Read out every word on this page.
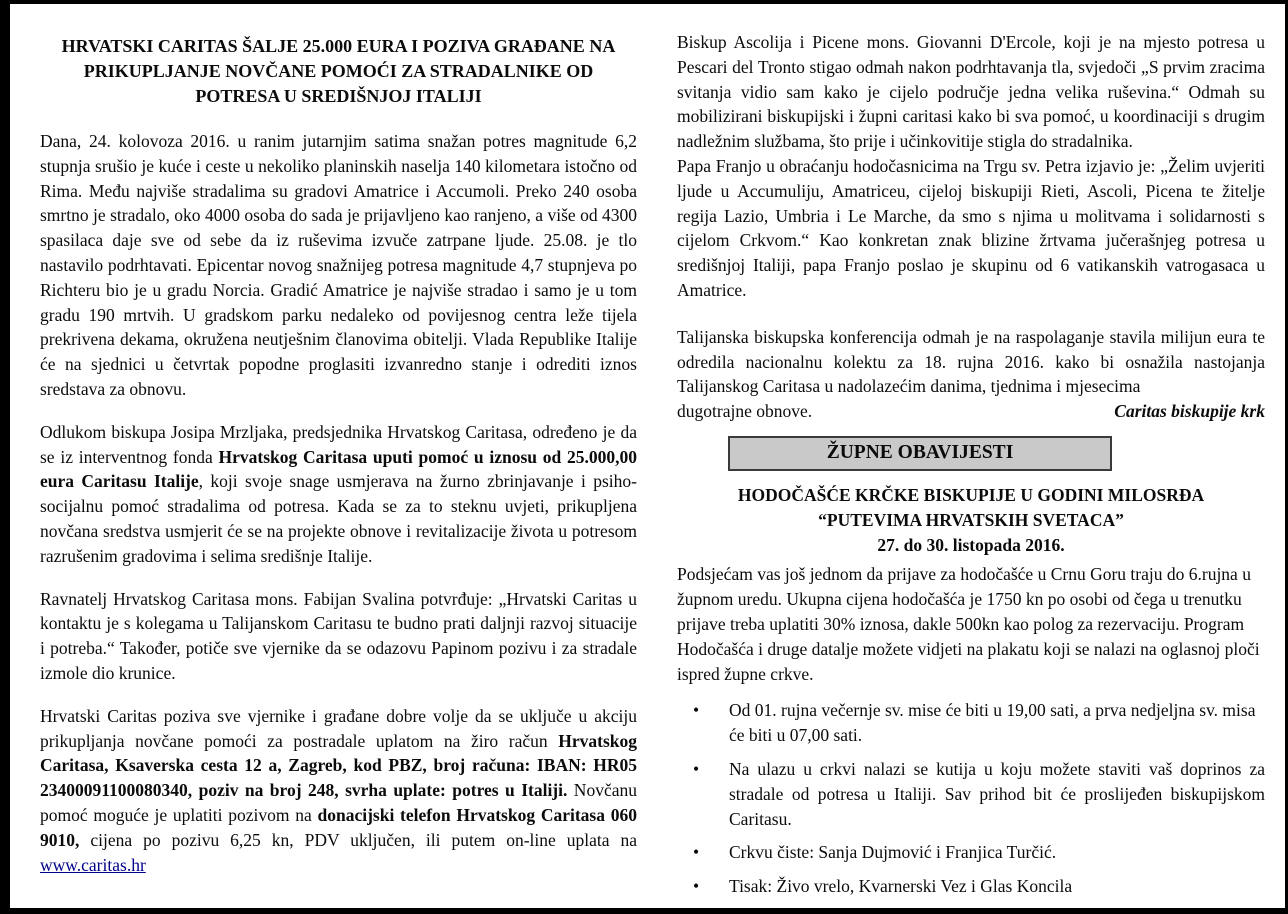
HRVATSKI CARITAS ŠALJE 25.000 EURA I POZIVA GRAĐANE NA PRIKUPLJANJE NOVČANE POMOĆI ZA STRADALNIKE OD POTRESA U SREDIŠNJOJ ITALIJI

Dana, 24. kolovoza 2016. u ranim jutarnjim satima snažan potres magnitude 6,2 stupnja srušio je kuće i ceste u nekoliko planinskih naselja 140 kilometara istočno od Rima. Među najviše stradalima su gradovi Amatrice i Accumoli. Preko 240 osoba smrtno je stradalo, oko 4000 osoba do sada je prijavljeno kao ranjeno, a više od 4300 spasilaca daje sve od sebe da iz ruševima izvuče zatrpane ljude. 25.08. je tlo nastavilo podrhtavati. Epicentar novog snažnijeg potresa magnitude 4,7 stupnjeva po Richteru bio je u gradu Norcia. Gradić Amatrice je najviše stradao i samo je u tom gradu 190 mrtvih. U gradskom parku nedaleko od povijesnog centra leže tijela prekrivena dekama, okružena neutješnim članovima obitelji. Vlada Republike Italije će na sjednici u četvrtak popodne proglasiti izvanredno stanje i odrediti iznos sredstava za obnovu.

Odlukom biskupa Josipa Mrzljaka, predsjednika Hrvatskog Caritasa, određeno je da se iz interventnog fonda Hrvatskog Caritasa uputi pomoć u iznosu od 25.000,00 eura Caritasu Italije, koji svoje snage usmjerava na žurno zbrinjavanje i psiho-socijalnu pomoć stradalima od potresa. Kada se za to steknu uvjeti, prikupljena novčana sredstva usmjerit će se na projekte obnove i revitalizacije života u potresom razrušenim gradovima i selima središnje Italije.

Ravnatelj Hrvatskog Caritasa mons. Fabijan Svalina potvrđuje: „Hrvatski Caritas u kontaktu je s kolegama u Talijanskom Caritasu te budno prati daljnji razvoj situacije i potreba.“ Također, potiče sve vjernike da se odazovu Papinom pozivu i za stradale izmole dio krunice.

Hrvatski Caritas poziva sve vjernike i građane dobre volje da se uključe u akciju prikupljanja novčane pomoći za postradale uplatom na žiro račun Hrvatskog Caritasa, Ksaverska cesta 12 a, Zagreb, kod PBZ, broj računa: IBAN: HR05 23400091100080340, poziv na broj 248, svrha uplate: potres u Italiji. Novčanu pomoć moguće je uplatiti pozivom na donacijski telefon Hrvatskog Caritasa 060 9010, cijena po pozivu 6,25 kn, PDV uključen, ili putem on-line uplata na www.caritas.hr

Biskup Ascolija i Picene mons. Giovanni D'Ercole, koji je na mjesto potresa u Pescari del Tronto stigao odmah nakon podrhtavanja tla, svjedoči „S prvim zracima svitanja vidio sam kako je cijelo područje jedna velika ruševina.“ Odmah su mobilizirani biskupijski i župni caritasi kako bi sva pomoć, u koordinaciji s drugim nadležnim službama, što prije i učinkovitije stigla do stradalnika.

Papa Franjo u obraćanju hodočasnicima na Trgu sv. Petra izjavio je: „Želim uvjeriti ljude u Accumuliju, Amatriceu, cijeloj biskupiji Rieti, Ascoli, Picena te žitelje regija Lazio, Umbria i Le Marche, da smo s njima u molitvama i solidarnosti s cijelom Crkvom.“ Kao konkretan znak blizine žrtvama jučerašnjeg potresa u središnjoj Italiji, papa Franjo poslao je skupinu od 6 vatikanskih vatrogasaca u Amatrice.

Talijanska biskupska konferencija odmah je na raspolaganje stavila milijun eura te odredila nacionalnu kolektu za 18. rujna 2016. kako bi osnažila nastojanja Talijanskog Caritasa u nadolazećim danima, tjednima i mjesecima

dugotrajne obnove.	Caritas biskupije krk
ŽUPNE OBAVIJESTI
HODOČAŠĆE KRČKE BISKUPIJE U GODINI MILOSRĐA
“PUTEVIMA HRVATSKIH SVETACA”
27. do 30. listopada 2016.

Podsjećam vas još jednom da prijave za hodočašće u Crnu Goru traju do 6.rujna u župnom uredu. Ukupna cijena hodočašća je 1750 kn po osobi od čega u trenutku prijave treba uplatiti 30% iznosa, dakle 500kn kao polog za rezervaciju. Program Hodočašća i druge datalje možete vidjeti na plakatu koji se nalazi na oglasnoj ploči ispred župne crkve.

•	Od 01. rujna večernje sv. mise će biti u 19,00 sati, a prva nedjeljna sv. misa će biti u 07,00 sati.
•	Na ulazu u crkvi nalazi se kutija u koju možete staviti vaš doprinos za stradale od potresa u Italiji. Sav prihod bit će proslijeđen biskupijskom Caritasu.
•	Crkvu čiste: Sanja Dujmović i Franjica Turčić.
•	Tisak: Živo vrelo, Kvarnerski Vez i Glas Koncila
